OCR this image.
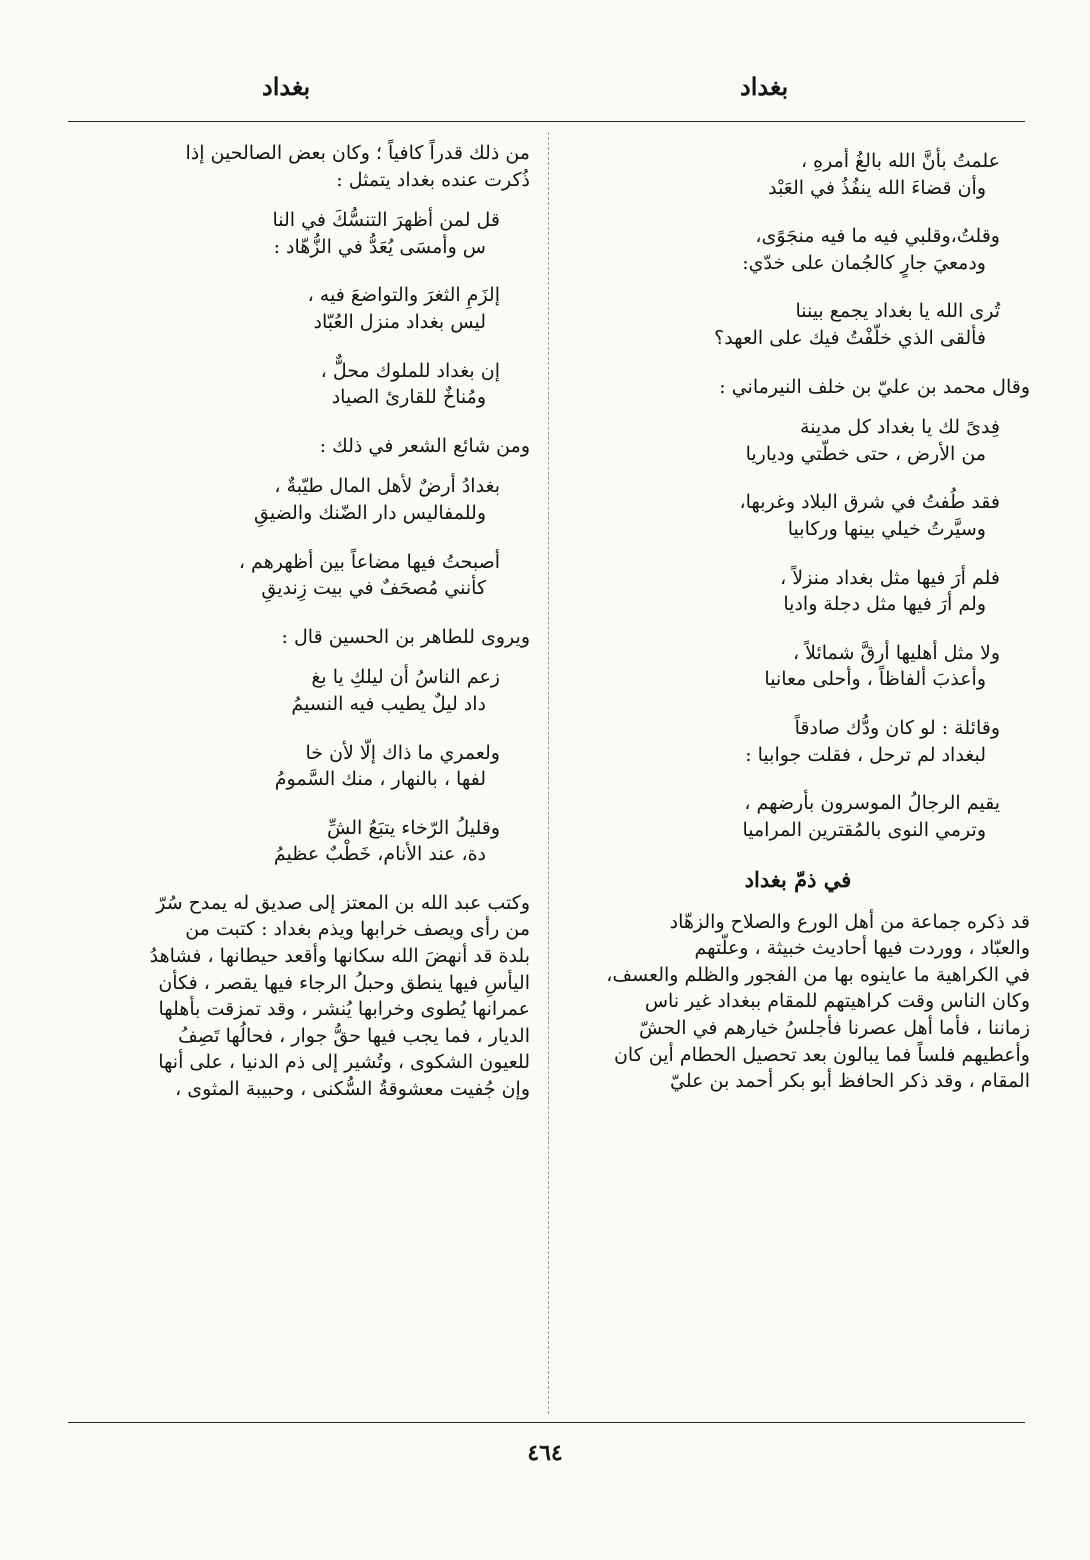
بغداد
بغداد
علمتُ بأنَّ الله بالغُ أمرهِ ،
وأن قضاءَ الله ينفُذُ في العَبْد
وقلتُ،وقلبي فيه ما فيه منجَوًى،
ودمعيَ جارٍ كالجُمان على خدّي:
تُرى الله يا بغداد يجمع بيننا
فألقى الذي خلّفْتُ فيك على العهد؟
وقال محمد بن عليّ بن خلف النيرماني :
فِدىً لك يا بغداد كل مدينة
من الأرض ، حتى خطّتي ودياريا
فقد طُفتُ في شرق البلاد وغربها،
وسيَّرتُ خيلي بينها وركابيا
فلم أرَ فيها مثل بغداد منزلاً ،
ولم أرَ فيها مثل دجلة واديا
ولا مثل أهليها أرقَّ شمائلاً ،
وأعذبَ ألفاظاً ، وأحلى معانيا
وقائلة : لو كان ودُّك صادقاً
لبغداد لم ترحل ، فقلت جوابيا :
يقيم الرجالُ الموسرون بأرضهم ،
وترمي النوى بالمُقترين المراميا
في ذمّ بغداد

قد ذكره جماعة من أهل الورع والصلاح والزهّاد

والعبّاد ، ووردت فيها أحاديث خبيثة ، وعلّتهم

في الكراهية ما عاينوه بها من الفجور والظلم والعسف،

وكان الناس وقت كراهيتهم للمقام ببغداد غير ناس

زماننا ، فأما أهل عصرنا فأجلسُ خيارهم في الحشّ

وأعطيهم فلساً فما يبالون بعد تحصيل الحطام أين كان

المقام ، وقد ذكر الحافظ أبو بكر أحمد بن عليّ

من ذلك قدراً كافياً ؛ وكان بعض الصالحين إذا

ذُكرت عنده بغداد يتمثل :

قل لمن أظهرَ التنسُّكَ في النا
س وأمسَى يُعَدُّ في الزُّهّاد :
إلزَمِ الثغرَ والتواضعَ فيه ،
ليس بغداد منزل العُبّاد
إن بغداد للملوك محلٌّ ،
ومُناخٌ للقارئ الصياد
ومن شائع الشعر في ذلك :
بغدادُ أرضٌ لأهل المال طيّبةٌ ،
وللمفاليس دار الضّنك والضيقِ
أصبحتُ فيها مضاعاً بين أظهرهم ،
كأنني مُصحَفٌ في بيت زِنديقِ
ويروى للطاهر بن الحسين قال :
زعم الناسُ أن ليلكِ يا بغ
داد ليلٌ يطيب فيه النسيمُ
ولعمري ما ذاك إلّا لأن خا
لفها ، بالنهار ، منك السَّمومُ
وقليلُ الرّخاء يتبَعُ الشِّ
دة، عند الأنام، خَطْبٌ عظيمُ

وكتب عبد الله بن المعتز إلى صديق له يمدح سُرّ

من رأى ويصف خرابها ويذم بغداد : كتبت من

بلدة قد أنهضَ الله سكانها وأقعد حيطانها ، فشاهدُ

اليأسِ فيها ينطق وحبلُ الرجاء فيها يقصر ، فكأن

عمرانها يُطوى وخرابها يُنشر ، وقد تمزقت بأهلها

الديار ، فما يجب فيها حقُّ جوار ، فحالُها تَصِفُ

للعيون الشكوى ، وتُشير إلى ذم الدنيا ، على أنها

وإن جُفيت معشوقةُ السُّكنى ، وحبيبة المثوى ،

٤٦٤
